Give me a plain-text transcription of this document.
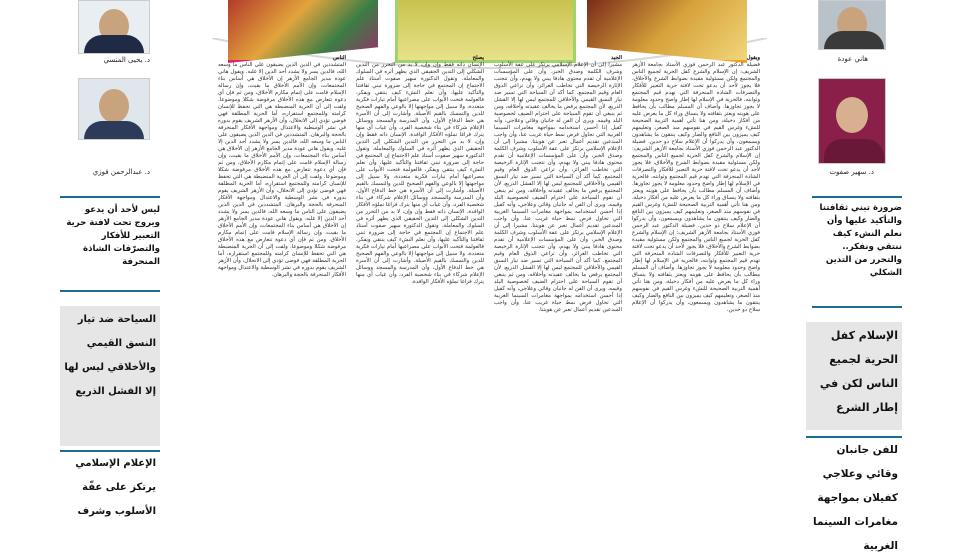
د. يحيى المنسي
د. عبدالرحمن فوزي
ليس لأحد أن يدعو ويروج تحت لافتة حرية التعبير للأفكار والتصرّفات الشاذة المنحرفة
السياحة ضد تيار النسق القيمي والأخلاقي ليس لها إلا الفشل الذريع
الإعلام الإسلامي يرتكز على عفّة الأسلوب وشرف
ويقول
فضيلة الدكتور عبد الرحمن فوزي الأستاذ بجامعة الأزهر الشريف: إن الإسلام والشرع كفل الحرية لجميع الناس والمجتمع ولكن مسئولية مقيدة بضوابط الشرع والأخلاق، فلا يجوز لأحد أن يدعو تحت لافتة حرية التعبير للأفكار والتصرفات الشاذة المنحرفة التي تهدم قيم المجتمع وثوابته، فالحرية في الإسلام لها إطار واضح وحدود معلومة لا يجوز تجاوزها. وأضاف أن المسلم مطالب بأن يحافظ على هويته ويعتز بثقافته ولا ينساق وراء كل ما يعرض عليه من أفكار دخيلة، ومن هنا تأتي أهمية التربية الصحيحة للنشء وغرس القيم في نفوسهم منذ الصغر، وتعليمهم كيف يميزون بين النافع والضار وكيف ينتقون ما يشاهدون ويسمعون، وأن يدركوا أن الإعلام سلاح ذو حدين. فضيلة الدكتور عبد الرحمن فوزي الأستاذ بجامعة الأزهر الشريف: إن الإسلام والشرع كفل الحرية لجميع الناس والمجتمع ولكن مسئولية مقيدة بضوابط الشرع والأخلاق، فلا يجوز لأحد أن يدعو تحت لافتة حرية التعبير للأفكار والتصرفات الشاذة المنحرفة التي تهدم قيم المجتمع وثوابته، فالحرية في الإسلام لها إطار واضح وحدود معلومة لا يجوز تجاوزها. وأضاف أن المسلم مطالب بأن يحافظ على هويته ويعتز بثقافته ولا ينساق وراء كل ما يعرض عليه من أفكار دخيلة، ومن هنا تأتي أهمية التربية الصحيحة للنشء وغرس القيم في نفوسهم منذ الصغر، وتعليمهم كيف يميزون بين النافع والضار وكيف ينتقون ما يشاهدون ويسمعون، وأن يدركوا أن الإعلام سلاح ذو حدين. فضيلة الدكتور عبد الرحمن فوزي الأستاذ بجامعة الأزهر الشريف: إن الإسلام والشرع كفل الحرية لجميع الناس والمجتمع ولكن مسئولية مقيدة بضوابط الشرع والأخلاق، فلا يجوز لأحد أن يدعو تحت لافتة حرية التعبير للأفكار والتصرفات الشاذة المنحرفة التي تهدم قيم المجتمع وثوابته، فالحرية في الإسلام لها إطار واضح وحدود معلومة لا يجوز تجاوزها. وأضاف أن المسلم مطالب بأن يحافظ على هويته ويعتز بثقافته ولا ينساق وراء كل ما يعرض عليه من أفكار دخيلة، ومن هنا تأتي أهمية التربية الصحيحة للنشء وغرس القيم في نفوسهم منذ الصغر، وتعليمهم كيف يميزون بين النافع والضار وكيف ينتقون ما يشاهدون ويسمعون، وأن يدركوا أن الإعلام سلاح ذو حدين.
الجيد
مشيرا إلى أن الإعلام الإسلامي يرتكز على عفة الأسلوب وشرف الكلمة وصدق الخبر، وأن على المؤسسات الإعلامية أن تقدم محتوى هادفا يبني ولا يهدم، وأن تتجنب الإثارة الرخيصة التي تخاطب الغرائز، وأن تراعي الذوق العام وقيم المجتمع. كما أكد أن السياحة التي تسير ضد تيار النسق القيمي والأخلاقي للمجتمع ليس لها إلا الفشل الذريع، لأن المجتمع يرفض ما يخالف عقيدته وأخلاقه، ومن ثم ينبغي أن تقوم السياحة على احترام الضيف لخصوصية البلد وقيمه. ويرى أن الفن له جانبان وقائي وعلاجي، وأنه كفيل إذا أحسن استخدامه بمواجهة مغامرات السينما الغربية التي تحاول فرض نمط حياة غريب عنا، وأن واجب المبدعين تقديم أعمال تعبر عن هويتنا. مشيرا إلى أن الإعلام الإسلامي يرتكز على عفة الأسلوب وشرف الكلمة وصدق الخبر، وأن على المؤسسات الإعلامية أن تقدم محتوى هادفا يبني ولا يهدم، وأن تتجنب الإثارة الرخيصة التي تخاطب الغرائز، وأن تراعي الذوق العام وقيم المجتمع. كما أكد أن السياحة التي تسير ضد تيار النسق القيمي والأخلاقي للمجتمع ليس لها إلا الفشل الذريع، لأن المجتمع يرفض ما يخالف عقيدته وأخلاقه، ومن ثم ينبغي أن تقوم السياحة على احترام الضيف لخصوصية البلد وقيمه. ويرى أن الفن له جانبان وقائي وعلاجي، وأنه كفيل إذا أحسن استخدامه بمواجهة مغامرات السينما الغربية التي تحاول فرض نمط حياة غريب عنا، وأن واجب المبدعين تقديم أعمال تعبر عن هويتنا. مشيرا إلى أن الإعلام الإسلامي يرتكز على عفة الأسلوب وشرف الكلمة وصدق الخبر، وأن على المؤسسات الإعلامية أن تقدم محتوى هادفا يبني ولا يهدم، وأن تتجنب الإثارة الرخيصة التي تخاطب الغرائز، وأن تراعي الذوق العام وقيم المجتمع. كما أكد أن السياحة التي تسير ضد تيار النسق القيمي والأخلاقي للمجتمع ليس لها إلا الفشل الذريع، لأن المجتمع يرفض ما يخالف عقيدته وأخلاقه، ومن ثم ينبغي أن تقوم السياحة على احترام الضيف لخصوصية البلد وقيمه. ويرى أن الفن له جانبان وقائي وعلاجي، وأنه كفيل إذا أحسن استخدامه بمواجهة مغامرات السينما الغربية التي تحاول فرض نمط حياة غريب عنا، وأن واجب المبدعين تقديم أعمال تعبر عن هويتنا.
يصلح
الإنسان ذاته فقط وإن وإن، لا بد من التحرر من التدين الشكلي إلى التدين الحقيقي الذي يظهر أثره في السلوك والمعاملة. وتقول الدكتورة سهير صفوت أستاذ علم الاجتماع إن المجتمع في حاجة إلى ضرورة تبني ثقافتنا والتأكيد عليها، وأن نعلم النشء كيف ينتقي ويفكر، فالعولمة فتحت الأبواب على مصراعيها أمام تيارات فكرية متعددة، ولا سبيل إلى مواجهتها إلا بالوعي والفهم الصحيح للدين والتمسك بالقيم الأصيلة. وأشارت إلى أن الأسرة هي خط الدفاع الأول، وأن المدرسة والمسجد ووسائل الإعلام شركاء في بناء شخصية الفرد، وأن غياب أي منها يترك فراغا تملؤه الأفكار الوافدة. الإنسان ذاته فقط وإن وإن، لا بد من التحرر من التدين الشكلي إلى التدين الحقيقي الذي يظهر أثره في السلوك والمعاملة. وتقول الدكتورة سهير صفوت أستاذ علم الاجتماع إن المجتمع في حاجة إلى ضرورة تبني ثقافتنا والتأكيد عليها، وأن نعلم النشء كيف ينتقي ويفكر، فالعولمة فتحت الأبواب على مصراعيها أمام تيارات فكرية متعددة، ولا سبيل إلى مواجهتها إلا بالوعي والفهم الصحيح للدين والتمسك بالقيم الأصيلة. وأشارت إلى أن الأسرة هي خط الدفاع الأول، وأن المدرسة والمسجد ووسائل الإعلام شركاء في بناء شخصية الفرد، وأن غياب أي منها يترك فراغا تملؤه الأفكار الوافدة. الإنسان ذاته فقط وإن وإن، لا بد من التحرر من التدين الشكلي إلى التدين الحقيقي الذي يظهر أثره في السلوك والمعاملة. وتقول الدكتورة سهير صفوت أستاذ علم الاجتماع إن المجتمع في حاجة إلى ضرورة تبني ثقافتنا والتأكيد عليها، وأن نعلم النشء كيف ينتقي ويفكر، فالعولمة فتحت الأبواب على مصراعيها أمام تيارات فكرية متعددة، ولا سبيل إلى مواجهتها إلا بالوعي والفهم الصحيح للدين والتمسك بالقيم الأصيلة. وأشارت إلى أن الأسرة هي خط الدفاع الأول، وأن المدرسة والمسجد ووسائل الإعلام شركاء في بناء شخصية الفرد، وأن غياب أي منها يترك فراغا تملؤه الأفكار الوافدة.
الناس
المتشددين في الدين الذين يضيقون على الناس ما وسعه الله، فالدين يسر ولا يشدد أحد الدين إلا غلبه. ويقول هاني عودة مدير الجامع الأزهر إن الأخلاق هي أساس بناء المجتمعات، وإن الأمم الأخلاق ما بقيت، وإن رسالة الإسلام قامت على إتمام مكارم الأخلاق، ومن ثم فإن أي دعوة تتعارض مع هذه الأخلاق مرفوضة شكلا وموضوعا. ولفت إلى أن الحرية المنضبطة هي التي تحفظ للإنسان كرامته وللمجتمع استقراره، أما الحرية المطلقة فهي فوضى تؤدي إلى الانحلال، وأن الأزهر الشريف يقوم بدوره في نشر الوسطية والاعتدال ومواجهة الأفكار المنحرفة بالحجة والبرهان. المتشددين في الدين الذين يضيقون على الناس ما وسعه الله، فالدين يسر ولا يشدد أحد الدين إلا غلبه. ويقول هاني عودة مدير الجامع الأزهر إن الأخلاق هي أساس بناء المجتمعات، وإن الأمم الأخلاق ما بقيت، وإن رسالة الإسلام قامت على إتمام مكارم الأخلاق، ومن ثم فإن أي دعوة تتعارض مع هذه الأخلاق مرفوضة شكلا وموضوعا. ولفت إلى أن الحرية المنضبطة هي التي تحفظ للإنسان كرامته وللمجتمع استقراره، أما الحرية المطلقة فهي فوضى تؤدي إلى الانحلال، وأن الأزهر الشريف يقوم بدوره في نشر الوسطية والاعتدال ومواجهة الأفكار المنحرفة بالحجة والبرهان. المتشددين في الدين الذين يضيقون على الناس ما وسعه الله، فالدين يسر ولا يشدد أحد الدين إلا غلبه. ويقول هاني عودة مدير الجامع الأزهر إن الأخلاق هي أساس بناء المجتمعات، وإن الأمم الأخلاق ما بقيت، وإن رسالة الإسلام قامت على إتمام مكارم الأخلاق، ومن ثم فإن أي دعوة تتعارض مع هذه الأخلاق مرفوضة شكلا وموضوعا. ولفت إلى أن الحرية المنضبطة هي التي تحفظ للإنسان كرامته وللمجتمع استقراره، أما الحرية المطلقة فهي فوضى تؤدي إلى الانحلال، وأن الأزهر الشريف يقوم بدوره في نشر الوسطية والاعتدال ومواجهة الأفكار المنحرفة بالحجة والبرهان.
هاني عودة
د. سهير صفوت
ضرورة تبني ثقافتنا والتأكيد عليها وأن نعلم النشء كيف ننتقي ونفكر.. والتحرر من التدين الشكلي
الإسلام كفل الحرية لجميع الناس لكن في إطار الشرع
للفن جانبان وقائي وعلاجي كفيلان بمواجهة مغامرات السينما الغربية
